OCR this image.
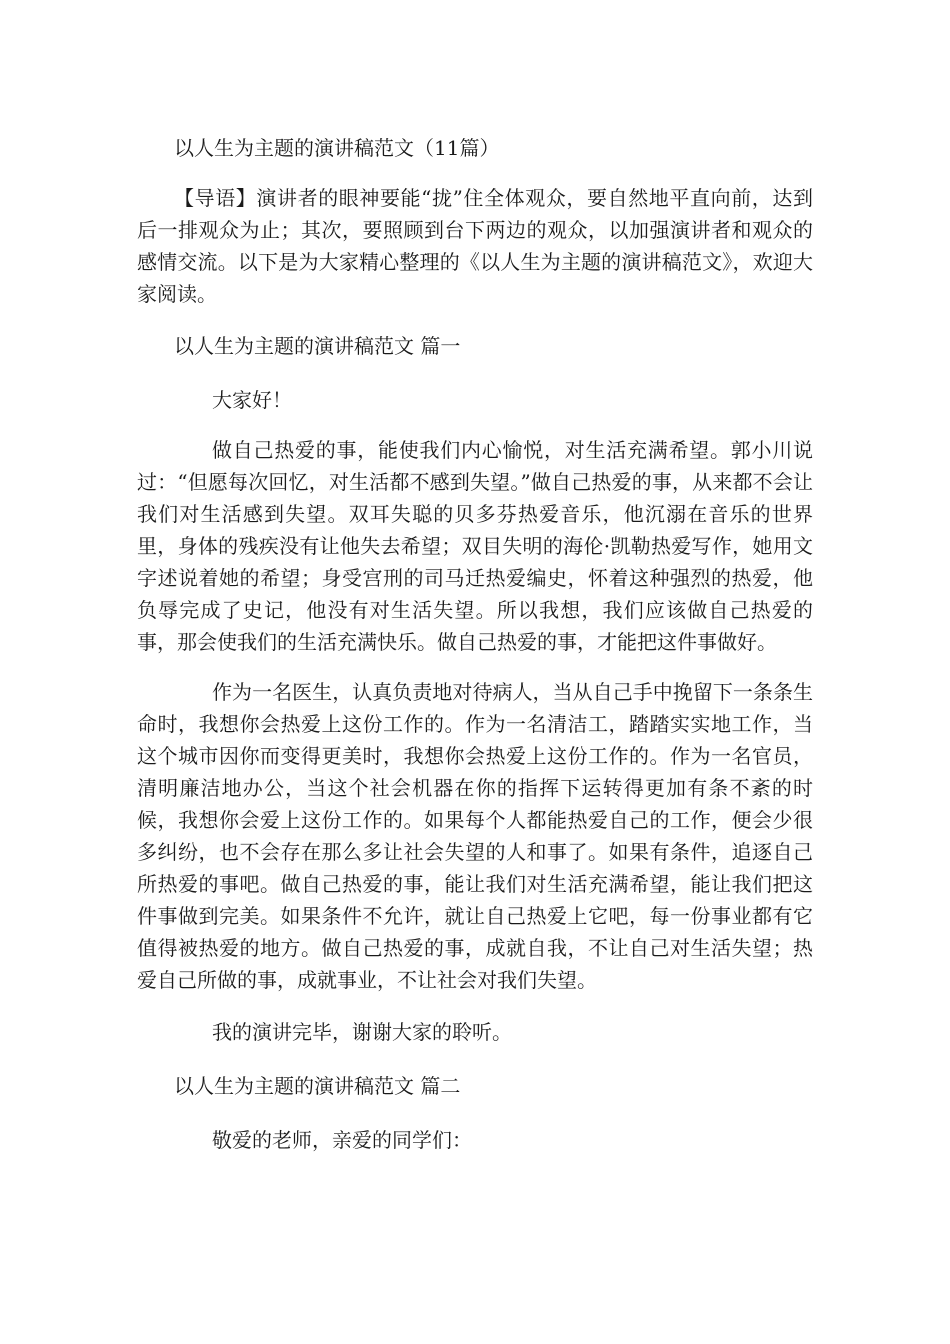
以人生为主题的演讲稿范文（11篇）

【导语】演讲者的眼神要能“拢”住全体观众，要自然地平直向前，达到后一排观众为止；其次，要照顾到台下两边的观众，以加强演讲者和观众的感情交流。以下是为大家精心整理的《以人生为主题的演讲稿范文》，欢迎大家阅读。

以人生为主题的演讲稿范文 篇一

大家好！

做自己热爱的事，能使我们内心愉悦，对生活充满希望。郭小川说过：“但愿每次回忆，对生活都不感到失望。”做自己热爱的事，从来都不会让我们对生活感到失望。双耳失聪的贝多芬热爱音乐，他沉溺在音乐的世界里，身体的残疾没有让他失去希望；双目失明的海伦·凯勒热爱写作，她用文字述说着她的希望；身受宫刑的司马迁热爱编史，怀着这种强烈的热爱，他负辱完成了史记，他没有对生活失望。所以我想，我们应该做自己热爱的事，那会使我们的生活充满快乐。做自己热爱的事，才能把这件事做好。

作为一名医生，认真负责地对待病人，当从自己手中挽留下一条条生命时，我想你会热爱上这份工作的。作为一名清洁工，踏踏实实地工作，当这个城市因你而变得更美时，我想你会热爱上这份工作的。作为一名官员，清明廉洁地办公，当这个社会机器在你的指挥下运转得更加有条不紊的时候，我想你会爱上这份工作的。如果每个人都能热爱自己的工作，便会少很多纠纷，也不会存在那么多让社会失望的人和事了。如果有条件，追逐自己所热爱的事吧。做自己热爱的事，能让我们对生活充满希望，能让我们把这件事做到完美。如果条件不允许，就让自己热爱上它吧，每一份事业都有它值得被热爱的地方。做自己热爱的事，成就自我，不让自己对生活失望；热爱自己所做的事，成就事业，不让社会对我们失望。

我的演讲完毕，谢谢大家的聆听。

以人生为主题的演讲稿范文 篇二

敬爱的老师，亲爱的同学们：
